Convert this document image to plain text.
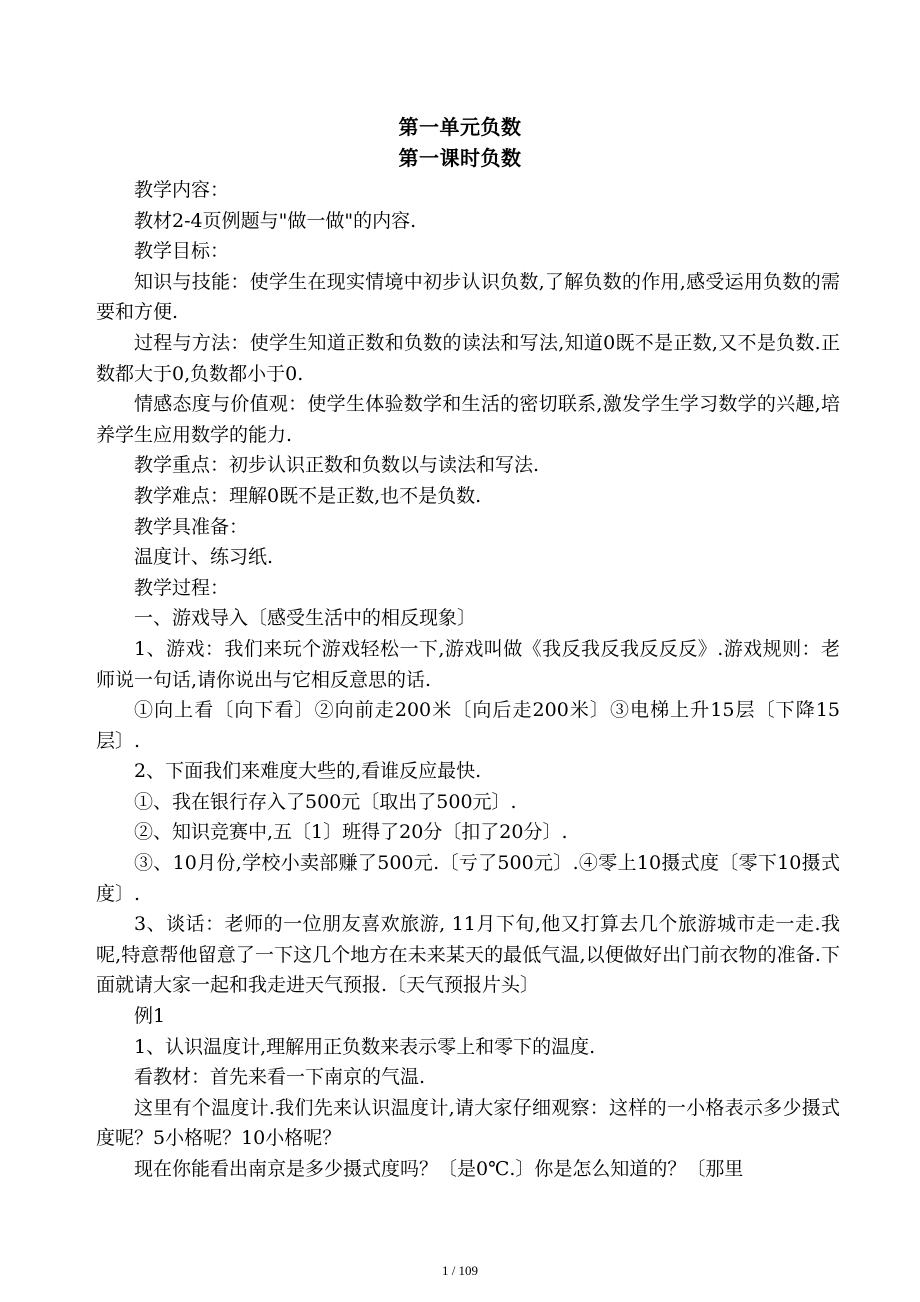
第一单元负数
第一课时负数

教学内容：

教材2-4页例题与"做一做"的内容.

教学目标：

知识与技能：使学生在现实情境中初步认识负数,了解负数的作用,感受运用负数的需要和方便.

过程与方法：使学生知道正数和负数的读法和写法,知道0既不是正数,又不是负数.正数都大于0,负数都小于0.

情感态度与价值观：使学生体验数学和生活的密切联系,激发学生学习数学的兴趣,培养学生应用数学的能力.

教学重点：初步认识正数和负数以与读法和写法.

教学难点：理解0既不是正数,也不是负数.

教学具准备：

温度计、练习纸.

教学过程：

一、游戏导入〔感受生活中的相反现象〕

1、游戏：我们来玩个游戏轻松一下,游戏叫做《我反我反我反反反》.游戏规则：老师说一句话,请你说出与它相反意思的话.

①向上看〔向下看〕②向前走200米〔向后走200米〕③电梯上升15层〔下降15层〕.

2、下面我们来难度大些的,看谁反应最快.

①、我在银行存入了500元〔取出了500元〕.

②、知识竞赛中,五〔1〕班得了20分〔扣了20分〕.

③、10月份,学校小卖部赚了500元.〔亏了500元〕.④零上10摄式度〔零下10摄式度〕.

3、谈话：老师的一位朋友喜欢旅游, 11月下旬,他又打算去几个旅游城市走一走.我呢,特意帮他留意了一下这几个地方在未来某天的最低气温,以便做好出门前衣物的准备.下面就请大家一起和我走进天气预报.〔天气预报片头〕

例1

1、认识温度计,理解用正负数来表示零上和零下的温度.

看教材：首先来看一下南京的气温.

这里有个温度计.我们先来认识温度计,请大家仔细观察：这样的一小格表示多少摄式度呢？5小格呢？10小格呢？

现在你能看出南京是多少摄式度吗？〔是0℃.〕你是怎么知道的？〔那里

1 / 109
